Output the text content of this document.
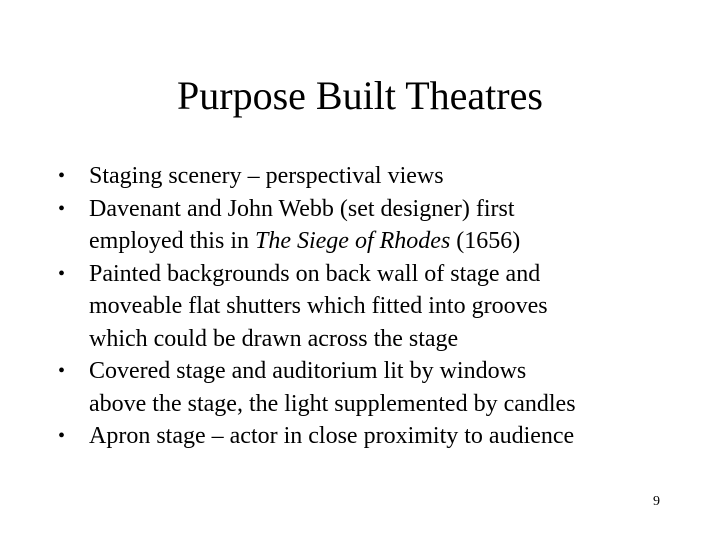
Purpose Built Theatres
• Staging scenery – perspectival views
• Davenant and John Webb (set designer) first
employed this in The Siege of Rhodes (1656)
• Painted backgrounds on back wall of stage and
moveable flat shutters which fitted into grooves
which could be drawn across the stage
• Covered stage and auditorium lit by windows
above the stage, the light supplemented by candles
• Apron stage – actor in close proximity to audience
9
